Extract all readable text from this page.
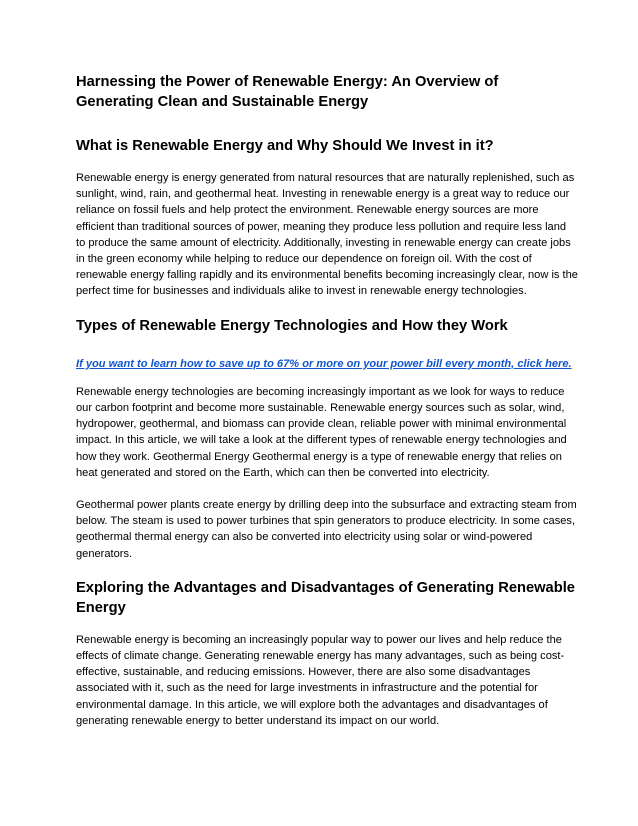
Harnessing the Power of Renewable Energy: An Overview of Generating Clean and Sustainable Energy
What is Renewable Energy and Why Should We Invest in it?

Renewable energy is energy generated from natural resources that are naturally replenished, such as sunlight, wind, rain, and geothermal heat. Investing in renewable energy is a great way to reduce our reliance on fossil fuels and help protect the environment. Renewable energy sources are more efficient than traditional sources of power, meaning they produce less pollution and require less land to produce the same amount of electricity. Additionally, investing in renewable energy can create jobs in the green economy while helping to reduce our dependence on foreign oil. With the cost of renewable energy falling rapidly and its environmental benefits becoming increasingly clear, now is the perfect time for businesses and individuals alike to invest in renewable energy technologies.

Types of Renewable Energy Technologies and How they Work
If you want to learn how to save up to 67% or more on your power bill every month, click here.

Renewable energy technologies are becoming increasingly important as we look for ways to reduce our carbon footprint and become more sustainable. Renewable energy sources such as solar, wind, hydropower, geothermal, and biomass can provide clean, reliable power with minimal environmental impact. In this article, we will take a look at the different types of renewable energy technologies and how they work. Geothermal Energy Geothermal energy is a type of renewable energy that relies on heat generated and stored on the Earth, which can then be converted into electricity.

Geothermal power plants create energy by drilling deep into the subsurface and extracting steam from below. The steam is used to power turbines that spin generators to produce electricity. In some cases, geothermal thermal energy can also be converted into electricity using solar or wind-powered generators.

Exploring the Advantages and Disadvantages of Generating Renewable Energy

Renewable energy is becoming an increasingly popular way to power our lives and help reduce the effects of climate change. Generating renewable energy has many advantages, such as being cost-effective, sustainable, and reducing emissions. However, there are also some disadvantages associated with it, such as the need for large investments in infrastructure and the potential for environmental damage. In this article, we will explore both the advantages and disadvantages of generating renewable energy to better understand its impact on our world.
